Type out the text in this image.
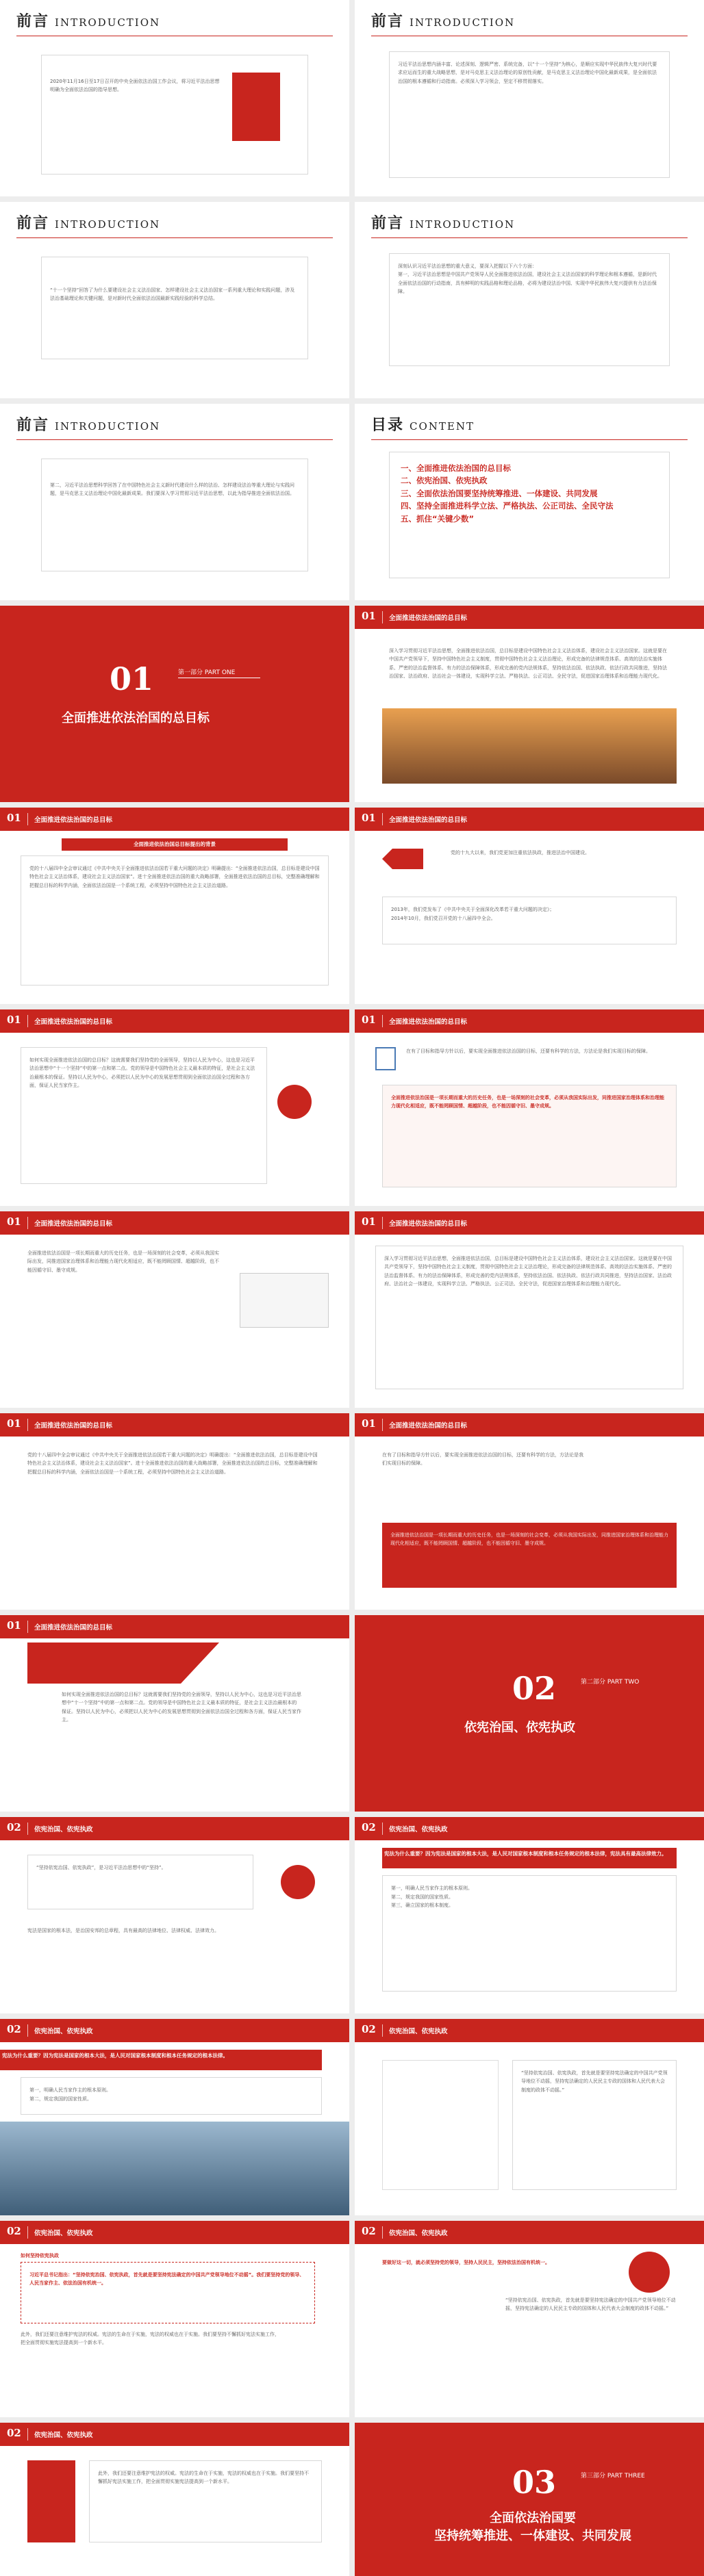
前言 INTRODUCTION
2020年11月16日至17日召开的中央全面依法治国工作会议，将习近平法治思想明确为全面依法治国的指导思想。
前言 INTRODUCTION
习近平法治思想内涵丰富、论述深刻、逻辑严密、系统完备，以“十一个坚持”为核心，是顺应实现中华民族伟大复兴时代要求应运而生的重大战略思想，是对马克思主义法治理论的原创性贡献，是马克思主义法治理论中国化最新成果，是全面依法治国的根本遵循和行动指南。必须深入学习领会，坚定不移贯彻落实。
前言 INTRODUCTION
“十一个坚持”回答了为什么要建设社会主义法治国家、怎样建设社会主义法治国家一系列重大理论和实践问题，涉及法治基础理论和关键问题，是对新时代全面依法治国最新实践经验的科学总结。
前言 INTRODUCTION
深刻认识习近平法治思想的重大意义，要深入把握以下六个方面：
第一，习近平法治思想是中国共产党领导人民全面推进依法治国，建设社会主义法治国家的科学理论和根本遵循，是新时代全面依法治国的行动指南，具有鲜明的实践品格和理论品格，必将为建设法治中国、实现中华民族伟大复兴提供有力法治保障。
前言 INTRODUCTION
第二，习近平法治思想科学回答了在中国特色社会主义新时代建设什么样的法治、怎样建设法治等重大理论与实践问题，是马克思主义法治理论中国化最新成果。我们要深入学习贯彻习近平法治思想，以此为指导推进全面依法治国。
目录 CONTENT
一、全面推进依法治国的总目标
二、依宪治国、依宪执政
三、全面依法治国要坚持统筹推进、一体建设、共同发展
四、坚持全面推进科学立法、严格执法、公正司法、全民守法
五、抓住“关键少数”
01	第一部分 PART ONE
全面推进依法治国的总目标
01 全面推进依法治国的总目标
深入学习贯彻习近平法治思想，全面推进依法治国，总目标是建设中国特色社会主义法治体系，建设社会主义法治国家。这就是要在中国共产党领导下，坚持中国特色社会主义制度，贯彻中国特色社会主义法治理论，形成完备的法律规范体系、高效的法治实施体系、严密的法治监督体系、有力的法治保障体系，形成完善的党内法规体系，坚持依法治国、依法执政、依法行政共同推进，坚持法治国家、法治政府、法治社会一体建设，实现科学立法、严格执法、公正司法、全民守法，促进国家治理体系和治理能力现代化。
01 全面推进依法治国的总目标
全面推进依法治国总目标提出的背景
党的十八届四中全会审议通过《中共中央关于全面推进依法治国若干重大问题的决定》明确提出：“全面推进依法治国，总目标是建设中国特色社会主义法治体系，建设社会主义法治国家”。进十全面推进依法治国的重大战略部署，全面推进依法治国的总目标，完整准确理解和把握总目标的科学内涵，全面依法治国是一个系统工程，必须坚持中国特色社会主义法治道路。
01 全面推进依法治国的总目标
党的十九大以来，我们党更加注重依法执政，推进法治中国建设。
2013年，我们党发布了《中共中央关于全面深化改革若干重大问题的决定》；
2014年10月，我们党召开党的十八届四中全会。
01 全面推进依法治国的总目标
如何实现全面推进依法治国的总目标？这就需要我们坚持党的全面领导，坚持以人民为中心，这也是习近平法治思想中“十一个坚持”中的第一点和第二点。党的领导是中国特色社会主义最本质的特征，是社会主义法治最根本的保证。坚持以人民为中心，必须把以人民为中心的发展思想贯彻到全面依法治国全过程和各方面，保证人民当家作主。
01 全面推进依法治国的总目标
在有了目标和指导方针以后，要实现全面推进依法治国的目标，还要有科学的方法，方法论是我们实现目标的保障。
全面推进依法治国是一项长期而重大的历史任务，也是一场深刻的社会变革，必须从我国实际出发，同推进国家治理体系和治理能力现代化相适应，既不能罔顾国情、超越阶段，也不能因循守旧、墨守成规。
01 全面推进依法治国的总目标
全面推进依法治国是一项长期而重大的历史任务，也是一场深刻的社会变革，必须从我国实际出发，同推进国家治理体系和治理能力现代化相适应，既不能罔顾国情、超越阶段，也不能因循守旧、墨守成规。
01 全面推进依法治国的总目标
深入学习贯彻习近平法治思想，全面推进依法治国，总目标是建设中国特色社会主义法治体系，建设社会主义法治国家。这就是要在中国共产党领导下，坚持中国特色社会主义制度，贯彻中国特色社会主义法治理论，形成完备的法律规范体系、高效的法治实施体系、严密的法治监督体系、有力的法治保障体系，形成完善的党内法规体系，坚持依法治国、依法执政、依法行政共同推进，坚持法治国家、法治政府、法治社会一体建设，实现科学立法、严格执法、公正司法、全民守法，促进国家治理体系和治理能力现代化。
01 全面推进依法治国的总目标
党的十八届四中全会审议通过《中共中央关于全面推进依法治国若干重大问题的决定》明确提出：“全面推进依法治国，总目标是建设中国特色社会主义法治体系，建设社会主义法治国家”。进十全面推进依法治国的重大战略部署，全面推进依法治国的总目标，完整准确理解和把握总目标的科学内涵，全面依法治国是一个系统工程，必须坚持中国特色社会主义法治道路。
01 全面推进依法治国的总目标
在有了目标和指导方针以后，要实现全面推进依法治国的目标，还要有科学的方法，方法论是我们实现目标的保障。
全面推进依法治国是一项长期而重大的历史任务，也是一场深刻的社会变革，必须从我国实际出发，同推进国家治理体系和治理能力现代化相适应，既不能罔顾国情、超越阶段，也不能因循守旧、墨守成规。
01 全面推进依法治国的总目标
如何实现全面推进依法治国的总目标？这就需要我们坚持党的全面领导，坚持以人民为中心，这也是习近平法治思想中“十一个坚持”中的第一点和第二点。党的领导是中国特色社会主义最本质的特征，是社会主义法治最根本的保证。坚持以人民为中心，必须把以人民为中心的发展思想贯彻到全面依法治国全过程和各方面，保证人民当家作主。
02	第二部分 PART TWO
依宪治国、依宪执政
02 依宪治国、依宪执政
“坚持依宪治国、依宪执政”，是习近平法治思想中的“坚持”。
宪法是国家的根本法，是治国安邦的总章程，具有最高的法律地位、法律权威、法律效力。
02 依宪治国、依宪执政
宪法为什么重要？因为宪法是国家的根本大法，是人民对国家根本制度和根本任务规定的根本法律，宪法具有最高法律效力。
第一，明确人民当家作主的根本原则。
第二，规定我国的国家性质。
第三，确立国家的根本制度。
02 依宪治国、依宪执政
宪法为什么重要？因为宪法是国家的根本大法，是人民对国家根本制度和根本任务规定的根本法律。
第一，明确人民当家作主的根本原则。
第二，规定我国的国家性质。
02 依宪治国、依宪执政
“坚持依宪治国、依宪执政，首先就是要坚持宪法确定的中国共产党领导地位不动摇，坚持宪法确定的人民民主专政的国体和人民代表大会制度的政体不动摇。”
02 依宪治国、依宪执政
如何坚持依宪执政
习近平总书记指出：“坚持依宪治国、依宪执政，首先就是要坚持宪法确定的中国共产党领导地位不动摇”。我们要坚持党的领导、人民当家作主、依法治国有机统一。
此外，我们还要注意维护宪法的权威。宪法的生命在于实施，宪法的权威也在于实施。我们要坚持不懈抓好宪法实施工作，把全面贯彻实施宪法提高到一个新水平。
02 依宪治国、依宪执政
要做好这一切，就必须坚持党的领导，坚持人民民主，坚持依法治国有机统一。
“坚持依宪治国、依宪执政，首先就是要坚持宪法确定的中国共产党领导地位不动摇，坚持宪法确定的人民民主专政的国体和人民代表大会制度的政体不动摇。”
02 依宪治国、依宪执政
此外，我们还要注意维护宪法的权威。宪法的生命在于实施，宪法的权威也在于实施。我们要坚持不懈抓好宪法实施工作，把全面贯彻实施宪法提高到一个新水平。	03	第三部分 PART THREE
全面依法治国要
坚持统筹推进、一体建设、共同发展
